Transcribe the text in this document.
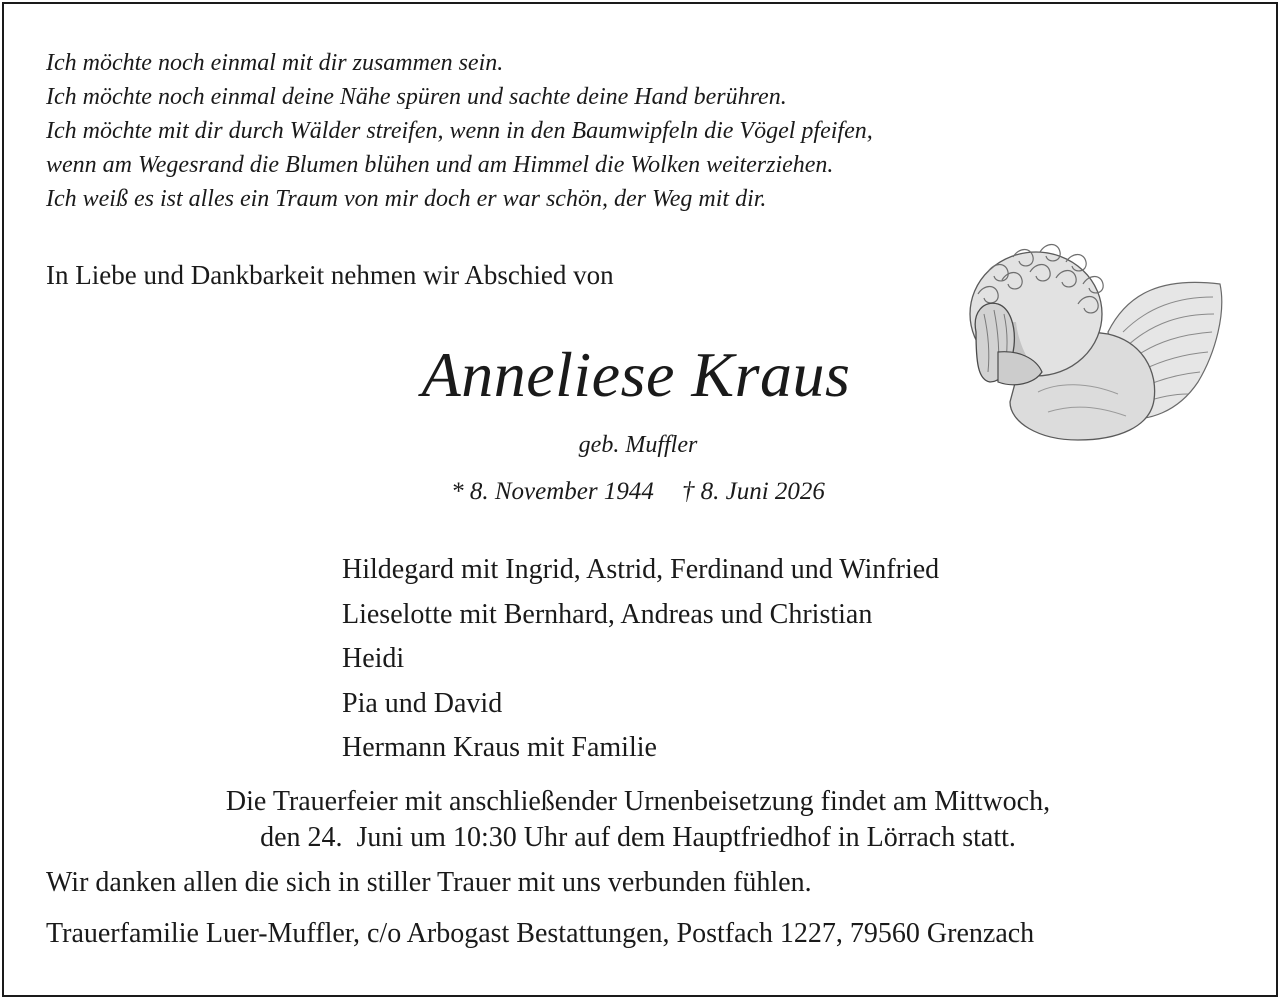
Ich möchte noch einmal mit dir zusammen sein.
Ich möchte noch einmal deine Nähe spüren und sachte deine Hand berühren.
Ich möchte mit dir durch Wälder streifen, wenn in den Baumwipfeln die Vögel pfeifen,
wenn am Wegesrand die Blumen blühen und am Himmel die Wolken weiterziehen.
Ich weiß es ist alles ein Traum von mir doch er war schön, der Weg mit dir.
In Liebe und Dankbarkeit nehmen wir Abschied von
Anneliese Kraus
geb. Muffler
* 8. November 1944 † 8. Juni 2026
Hildegard mit Ingrid, Astrid, Ferdinand und Winfried
Lieselotte mit Bernhard, Andreas und Christian
Heidi
Pia und David
Hermann Kraus mit Familie
Die Trauerfeier mit anschließender Urnenbeisetzung findet am Mittwoch,
den 24.  Juni um 10:30 Uhr auf dem Hauptfriedhof in Lörrach statt.
Wir danken allen die sich in stiller Trauer mit uns verbunden fühlen.
Trauerfamilie Luer-Muffler, c/o Arbogast Bestattungen, Postfach 1227, 79560 Grenzach
